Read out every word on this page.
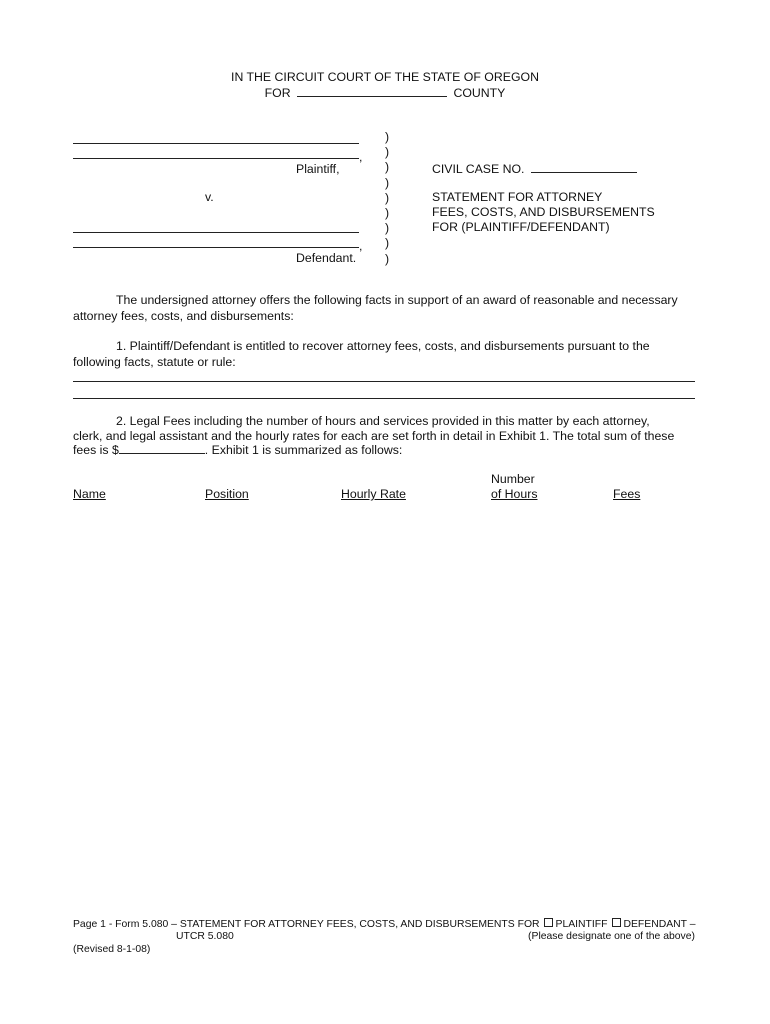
IN THE CIRCUIT COURT OF THE STATE OF OREGON
FOR	COUNTY
,
Plaintiff,
v.
,
Defendant.
)
)
)
)
)
)
)
)
)
CIVIL CASE NO.
STATEMENT FOR ATTORNEY
FEES, COSTS, AND DISBURSEMENTS
FOR (PLAINTIFF/DEFENDANT)
The undersigned attorney offers the following facts in support of an award of reasonable and necessary
attorney fees, costs, and disbursements:
1. Plaintiff/Defendant is entitled to recover attorney fees, costs, and disbursements pursuant to the
following facts, statute or rule:
2. Legal Fees including the number of hours and services provided in this matter by each attorney,
clerk, and legal assistant and the hourly rates for each are set forth in detail in Exhibit 1. The total sum of these
fees is $	. Exhibit 1 is summarized as follows:
Number
Name	Position	Hourly Rate	of Hours	Fees
Page 1 - Form 5.080 – STATEMENT FOR ATTORNEY FEES, COSTS, AND DISBURSEMENTS FOR PLAINTIFF DEFENDANT –
UTCR 5.080	(Please designate one of the above)
(Revised 8-1-08)
